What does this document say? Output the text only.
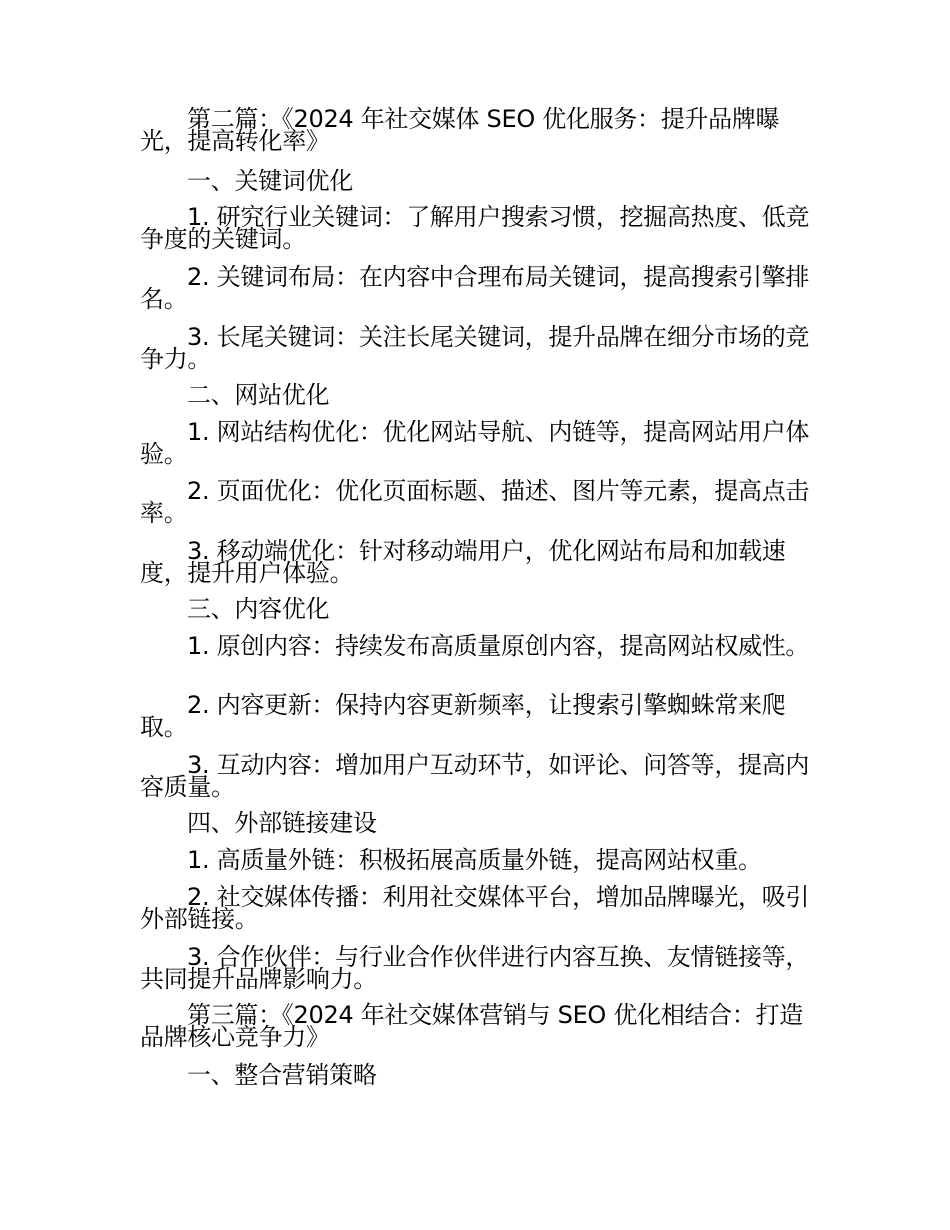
第二篇：《2024 年社交媒体 SEO 优化服务：提升品牌曝光，提高转化率》

一、关键词优化

1. 研究行业关键词：了解用户搜索习惯，挖掘高热度、低竞争度的关键词。

2. 关键词布局：在内容中合理布局关键词，提高搜索引擎排名。

3. 长尾关键词：关注长尾关键词，提升品牌在细分市场的竞争力。

二、网站优化

1. 网站结构优化：优化网站导航、内链等，提高网站用户体验。

2. 页面优化：优化页面标题、描述、图片等元素，提高点击率。

3. 移动端优化：针对移动端用户，优化网站布局和加载速度，提升用户体验。

三、内容优化

1. 原创内容：持续发布高质量原创内容，提高网站权威性。

2. 内容更新：保持内容更新频率，让搜索引擎蜘蛛常来爬取。

3. 互动内容：增加用户互动环节，如评论、问答等，提高内容质量。

四、外部链接建设

1. 高质量外链：积极拓展高质量外链，提高网站权重。

2. 社交媒体传播：利用社交媒体平台，增加品牌曝光，吸引外部链接。

3. 合作伙伴：与行业合作伙伴进行内容互换、友情链接等，共同提升品牌影响力。

第三篇：《2024 年社交媒体营销与 SEO 优化相结合：打造品牌核心竞争力》

一、整合营销策略
